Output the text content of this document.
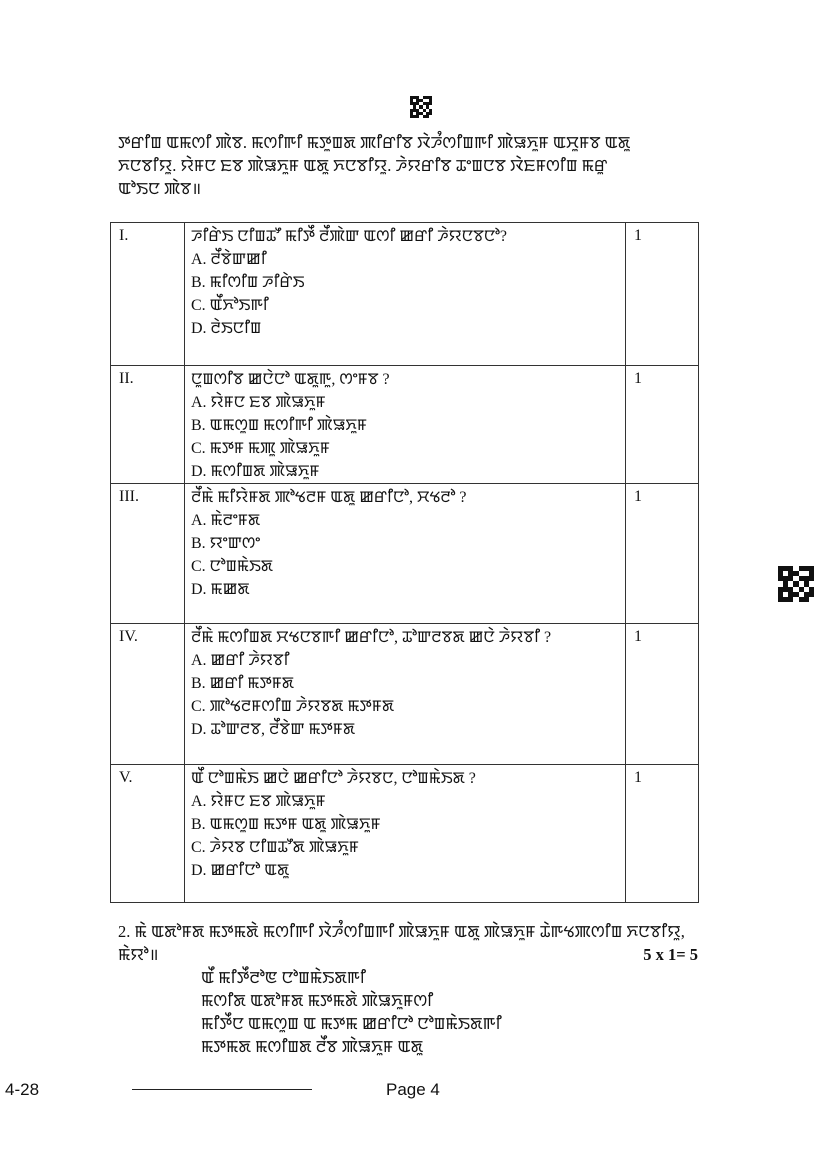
ꯇꯔꯤꯡ ꯑꯃꯁꯤ ꯄꯥꯕ. ꯃꯁꯤꯒꯤ ꯃꯇꯨꯡꯗ ꯄꯤꯔꯤꯕ ꯋꯥꯍꯪꯁꯤꯡꯒꯤ ꯄꯥꯎꯈꯨꯝ ꯑꯆꯨꯝꯕ ꯑꯗꯨ
ꯈꯅꯕꯤꯌꯨ. ꯌꯥꯝꯅ ꯐꯕ ꯄꯥꯎꯈꯨꯝ ꯑꯗꯨ ꯈꯅꯕꯤꯌꯨ. ꯍꯥꯌꯔꯤꯕ ꯊꯦꯡꯅꯕ ꯋꯥꯐꯝꯁꯤꯡ ꯃꯔꯨ
ꯑꯣꯏꯅ ꯄꯥꯕ॥
I.	ꯍꯤꯔꯥꯏ ꯅꯤꯡꯊꯧ ꯃꯤꯇꯩ ꯂꯩꯄꯥꯛ ꯑꯁꯤ ꯀꯔꯤ ꯍꯥꯌꯅꯕꯅꯣ?
A. ꯂꯩꯕꯥꯛꯀꯤ
B. ꯃꯤꯁꯤꯡ ꯍꯤꯔꯥꯏ
C. ꯑꯩꯈꯣꯏꯒꯤ
D. ꯂꯥꯏꯅꯤꯡ	1
II.	ꯅꯨꯡꯁꯤꯕ ꯀꯅꯥꯅꯣ ꯑꯗꯨꯒꯨ, ꯁꯦꯝꯕ ?
A. ꯌꯥꯝꯅ ꯐꯕ ꯄꯥꯎꯈꯨꯝ
B. ꯑꯃꯁꯨꯡ ꯃꯁꯤꯒꯤ ꯄꯥꯎꯈꯨꯝ
C. ꯃꯇꯝ ꯃꯄꯨ ꯄꯥꯎꯈꯨꯝ
D. ꯃꯁꯤꯡꯗ ꯄꯥꯎꯈꯨꯝ	1
III.	ꯂꯩꯃꯥ ꯃꯤꯌꯥꯝꯗ ꯄꯣꯠꯂꯝ ꯑꯗꯨ ꯀꯔꯤꯅꯣ, ꯆꯠꯂꯣ ?
A. ꯃꯥꯂꯦꯝꯗ
B. ꯌꯦꯛꯁꯦ
C. ꯅꯣꯡꯃꯥꯏꯗ
D. ꯃꯀꯗ	1
IV.	ꯂꯩꯃꯥ ꯃꯁꯤꯡꯗ ꯆꯠꯅꯕꯒꯤ ꯀꯔꯤꯅꯣ, ꯊꯣꯛꯂꯕꯗ ꯀꯅꯥ ꯍꯥꯌꯕꯤ ?
A. ꯀꯔꯤ ꯍꯥꯌꯕꯤ
B. ꯀꯔꯤ ꯃꯇꯝꯗ
C. ꯄꯣꯠꯂꯝꯁꯤꯡ ꯍꯥꯌꯕꯗ ꯃꯇꯝꯗ
D. ꯊꯣꯛꯂꯕ, ꯂꯩꯕꯥꯛ ꯃꯇꯝꯗ	1
V.	ꯑꯩ ꯅꯣꯡꯃꯥꯏ ꯀꯅꯥ ꯀꯔꯤꯅꯣ ꯍꯥꯌꯕꯅ, ꯅꯣꯡꯃꯥꯏꯗ ?
A. ꯌꯥꯝꯅ ꯐꯕ ꯄꯥꯎꯈꯨꯝ
B. ꯑꯃꯁꯨꯡ ꯃꯇꯝ ꯑꯗꯨ ꯄꯥꯎꯈꯨꯝ
C. ꯍꯥꯌꯕ ꯅꯤꯡꯊꯧꯗ ꯄꯥꯎꯈꯨꯝ
D. ꯀꯔꯤꯅꯣ ꯑꯗꯨ	1
2. ꯃꯥ ꯑꯗꯣꯝꯗ ꯃꯇꯃꯗꯥ ꯃꯁꯤꯒꯤ ꯋꯥꯍꯪꯁꯤꯡꯒꯤ ꯄꯥꯎꯈꯨꯝ ꯑꯗꯨ ꯄꯥꯎꯈꯨꯝ ꯊꯥꯒꯠꯄꯁꯤꯡ ꯈꯅꯕꯤꯌꯨ,
ꯃꯥꯌꯣ॥	5 x 1= 5
ꯑꯩ ꯃꯤꯇꯩꯂꯣꯟ ꯅꯣꯡꯃꯥꯏꯗꯒꯤ
ꯃꯁꯤꯗ ꯑꯗꯣꯝꯗ ꯃꯇꯃꯗꯥ ꯄꯥꯎꯈꯨꯝꯁꯤ
ꯃꯤꯇꯩꯅ ꯑꯃꯁꯨꯡ ꯑ ꯃꯇꯃ ꯀꯔꯤꯅꯣ ꯅꯣꯡꯃꯥꯏꯗꯒꯤ
ꯃꯇꯃꯗ ꯃꯁꯤꯡꯗ ꯂꯩꯕ ꯄꯥꯎꯈꯨꯝ ꯑꯗꯨ
4-28	Page 4
